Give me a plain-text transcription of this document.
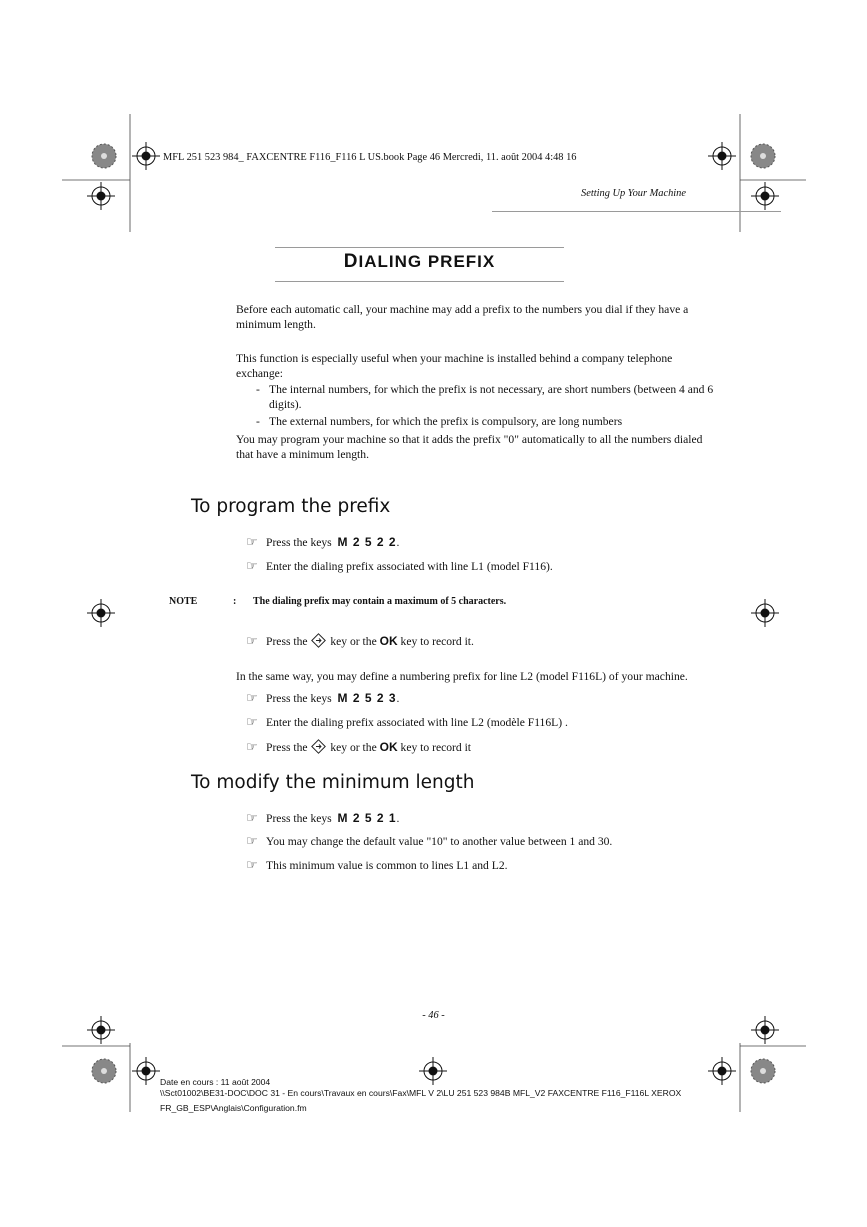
MFL 251 523 984_ FAXCENTRE F116_F116 L US.book Page 46 Mercredi, 11. août 2004 4:48 16
Setting Up Your Machine
DIALING PREFIX
Before each automatic call, your machine may add a prefix to the numbers you dial if they have a minimum length.
This function is especially useful when your machine is installed behind a company telephone exchange:
- The internal numbers, for which the prefix is not necessary, are short numbers (between 4 and 6 digits).
- The external numbers, for which the prefix is compulsory, are long numbers
You may program your machine so that it adds the prefix "0" automatically to all the numbers dialed that have a minimum length.
To program the prefix
☞ Press the keys M 2 5 2 2.
☞ Enter the dialing prefix associated with line L1 (model F116).
NOTE	: The dialing prefix may contain a maximum of 5 characters.
☞ Press the key or the OK key to record it.
In the same way, you may define a numbering prefix for line L2 (model F116L) of your machine.
☞ Press the keys M 2 5 2 3.
☞ Enter the dialing prefix associated with line L2 (modèle F116L) .
☞ Press the key or the OK key to record it
To modify the minimum length
☞ Press the keys M 2 5 2 1.
☞ You may change the default value "10" to another value between 1 and 30.
☞ This minimum value is common to lines L1 and L2.
- 46 -
Date en cours : 11 août 2004
\\Sct01002\BE31-DOC\DOC 31 - En cours\Travaux en cours\Fax\MFL V 2\LU 251 523 984B MFL_V2 FAXCENTRE F116_F116L XEROX
FR_GB_ESP\Anglais\Configuration.fm
